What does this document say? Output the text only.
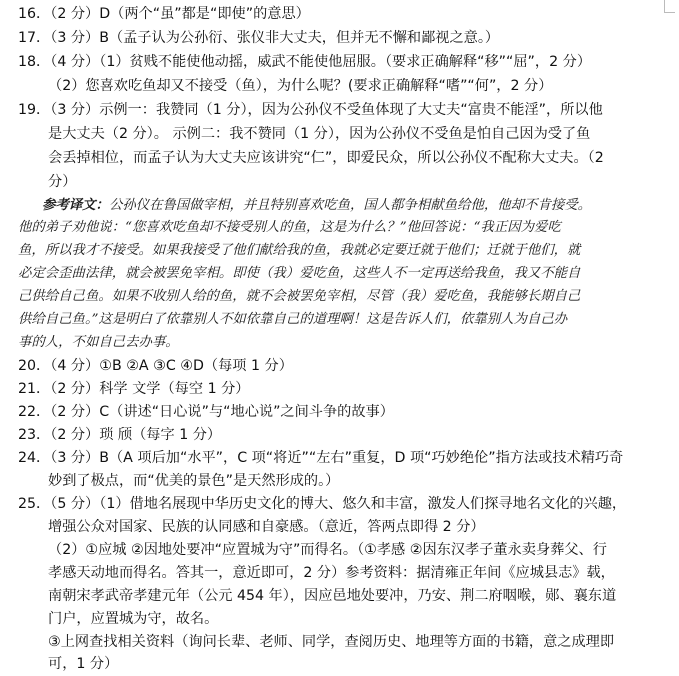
16．（2 分）D（两个“虽”都是“即使”的意思）
17．（3 分）B（孟子认为公孙衍、张仪非大丈夫，但并无不懈和鄙视之意。）
18．（4 分）（1）贫贱不能使他动摇，威武不能使他屈服。（要求正确解释“移”“屈”，2 分）
（2）您喜欢吃鱼却又不接受（鱼），为什么呢？(要求正确解释“嗜”“何”，2 分）
19．（3 分）示例一：我赞同（1 分），因为公孙仪不受鱼体现了大丈夫“富贵不能淫”，所以他
是大丈夫（2 分）。 示例二：我不赞同（1 分），因为公孙仪不受鱼是怕自己因为受了鱼
会丢掉相位，而孟子认为大丈夫应该讲究“仁”，即爱民众，所以公孙仪不配称大丈夫。（2
分）
参考译文：公孙仪在鲁国做宰相，并且特别喜欢吃鱼，国人都争相献鱼给他，他却不肯接受。
他的弟子劝他说：“您喜欢吃鱼却不接受别人的鱼，这是为什么？”他回答说：“我正因为爱吃
鱼，所以我才不接受。如果我接受了他们献给我的鱼，我就必定要迁就于他们；迁就于他们，就
必定会歪曲法律，就会被罢免宰相。即使（我）爱吃鱼，这些人不一定再送给我鱼，我又不能自
己供给自己鱼。如果不收别人给的鱼，就不会被罢免宰相，尽管（我）爱吃鱼，我能够长期自己
供给自己鱼。”这是明白了依靠别人不如依靠自己的道理啊！这是告诉人们，依靠别人为自己办
事的人，不如自己去办事。
20．（4 分）①B ②A ③C ④D（每项 1 分）
21．（2 分）科学 文学（每空 1 分）
22．（2 分）C（讲述“日心说”与“地心说”之间斗争的故事）
23．（2 分）琐 颀（每字 1 分）
24．（3 分）B（A 项后加“水平”，C 项“将近”“左右”重复，D 项“巧妙绝伦”指方法或技术精巧奇
妙到了极点，而“优美的景色”是天然形成的。）
25．（5 分）（1）借地名展现中华历史文化的博大、悠久和丰富，激发人们探寻地名文化的兴趣，
增强公众对国家、民族的认同感和自豪感。（意近，答两点即得 2 分）
（2）①应城 ②因地处要冲“应置城为守”而得名。（①孝感 ②因东汉孝子董永卖身葬父、行
孝感天动地而得名。答其一，意近即可，2 分）参考资料：据清雍正年间《应城县志》载，
南朝宋孝武帝孝建元年（公元 454 年），因应邑地处要冲，乃安、荆二府咽喉，郧、襄东道
门户，应置城为守，故名。
③上网查找相关资料（询问长辈、老师、同学，查阅历史、地理等方面的书籍，意之成理即
可，1 分）
